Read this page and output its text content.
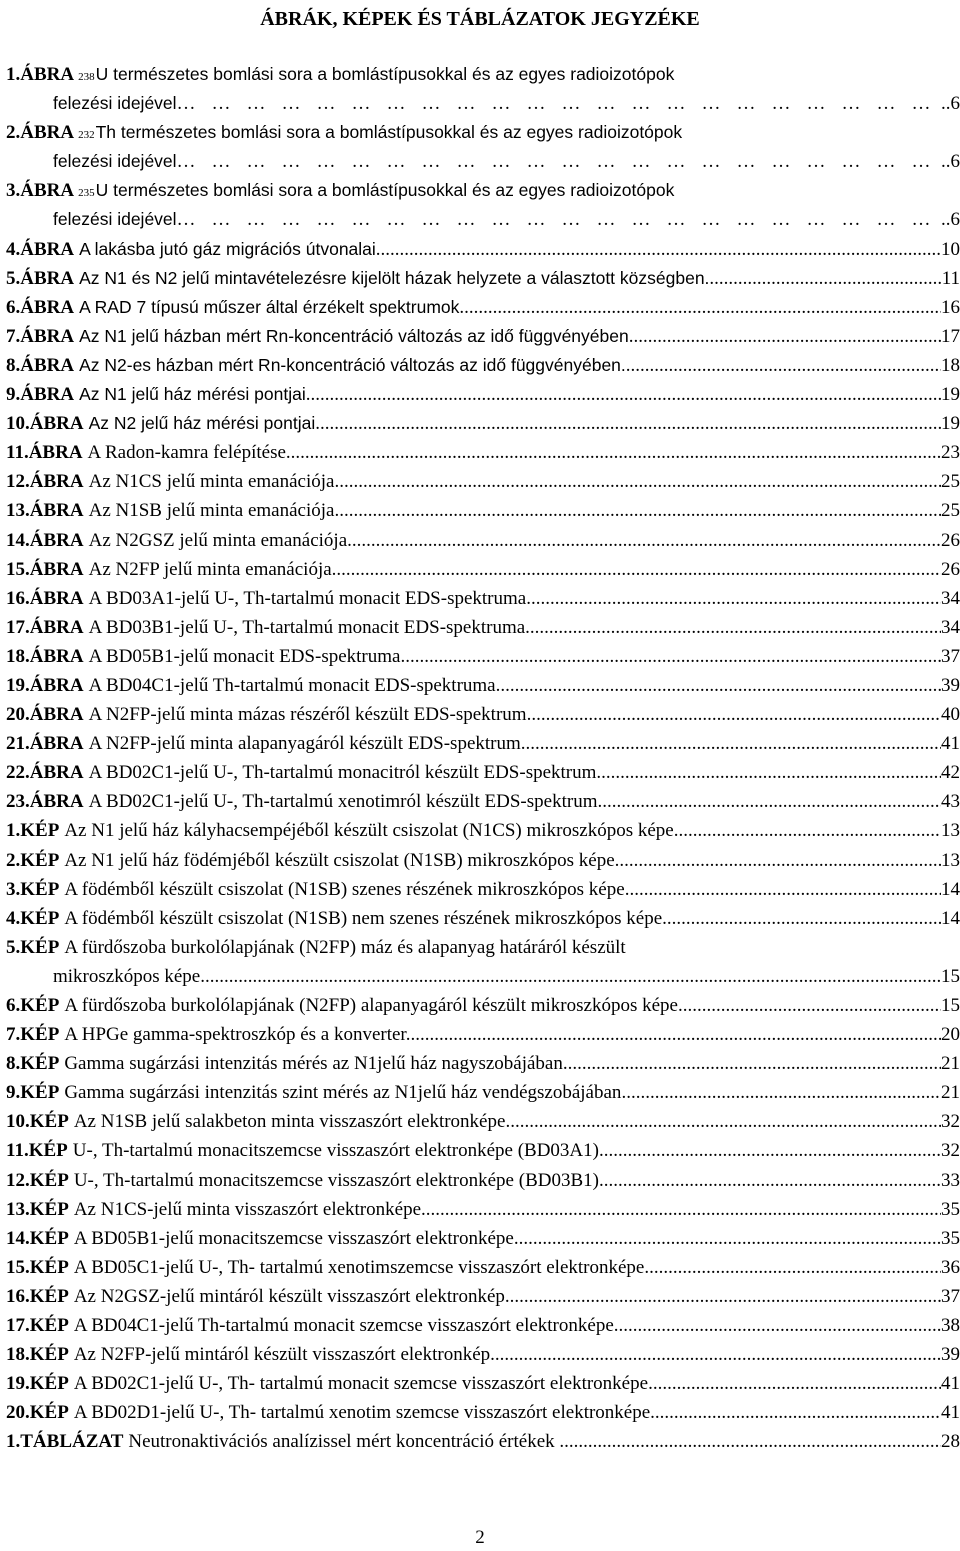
ÁBRÁK, KÉPEK ÉS TÁBLÁZATOK JEGYZÉKE
1.ÁBRA 238 U természetes bomlási sora a bomlástípusokkal és az egyes radioizotópok
felezési idejével ………………………………………………………………………………………………………………………………………………	..6
2.ÁBRA 232 Th természetes bomlási sora a bomlástípusokkal és az egyes radioizotópok
felezési idejével ………………………………………………………………………………………………………………………………………………	..6
3.ÁBRA 235 U természetes bomlási sora a bomlástípusokkal és az egyes radioizotópok
felezési idejével ………………………………………………………………………………………………………………………………………………	..6
4.ÁBRA A lakásba jutó gáz migrációs útvonalai .....	10
5.ÁBRA Az N1 és N2 jelű mintavételezésre kijelölt házak helyzete a választott községben. .....	11
6.ÁBRA A RAD 7 típusú műszer által érzékelt spektrumok .....	16
7.ÁBRA Az N1 jelű házban mért Rn-koncentráció változás az idő függvényében .....	17
8.ÁBRA Az N2-es házban mért Rn-koncentráció változás az idő függvényében. .....	18
9.ÁBRA Az N1 jelű ház mérési pontjai .....	19
10.ÁBRA Az N2 jelű ház mérési pontjai .....	19
11.ÁBRA A Radon-kamra felépítése .....	23
12.ÁBRA Az N1CS jelű minta emanációja .....	25
13.ÁBRA Az N1SB jelű minta emanációja .....	25
14.ÁBRA Az N2GSZ jelű minta emanációja .....	26
15.ÁBRA Az N2FP jelű minta emanációja .....	26
16.ÁBRA A BD03A1-jelű U-, Th-tartalmú monacit EDS-spektruma .....	34
17.ÁBRA A BD03B1-jelű U-, Th-tartalmú monacit EDS-spektruma .....	34
18.ÁBRA A BD05B1-jelű monacit EDS-spektruma .....	37
19.ÁBRA A BD04C1-jelű Th-tartalmú monacit EDS-spektruma .....	39
20.ÁBRA A N2FP-jelű minta mázas részéről készült EDS-spektrum .....	40
21.ÁBRA A N2FP-jelű minta alapanyagáról készült EDS-spektrum .....	41
22.ÁBRA A BD02C1-jelű U-, Th-tartalmú monacitról készült EDS-spektrum .....	42
23.ÁBRA A BD02C1-jelű U-, Th-tartalmú xenotimról készült EDS-spektrum .....	43
1.KÉP Az N1 jelű ház kályhacsempéjéből készült csiszolat (N1CS) mikroszkópos képe .....	13
2.KÉP Az N1 jelű ház födémjéből készült csiszolat (N1SB) mikroszkópos képe .....	13
3.KÉP A födémből készült csiszolat (N1SB) szenes részének mikroszkópos képe .....	14
4.KÉP A födémből készült csiszolat (N1SB) nem szenes részének mikroszkópos képe .....	14
5.KÉP A fürdőszoba burkolólapjának (N2FP) máz és alapanyag határáról készült
mikroszkópos képe .....	15
6.KÉP A fürdőszoba burkolólapjának (N2FP) alapanyagáról készült mikroszkópos képe .....	15
7.KÉP A HPGe gamma-spektroszkóp és a konverter. .....	20
8.KÉP Gamma sugárzási intenzitás mérés az N1jelű ház nagyszobájában .....	21
9.KÉP Gamma sugárzási intenzitás szint mérés az N1jelű ház vendégszobájában .....	21
10.KÉP Az N1SB jelű salakbeton minta visszaszórt elektronképe .....	32
11.KÉP U-, Th-tartalmú monacitszemcse visszaszórt elektronképe (BD03A1) .....	32
12.KÉP U-, Th-tartalmú monacitszemcse visszaszórt elektronképe (BD03B1) .....	33
13.KÉP Az N1CS-jelű minta visszaszórt elektronképe .....	35
14.KÉP A BD05B1-jelű monacitszemcse visszaszórt elektronképe .....	35
15.KÉP A BD05C1-jelű U-, Th- tartalmú xenotimszemcse visszaszórt elektronképe .....	36
16.KÉP Az N2GSZ-jelű mintáról készült visszaszórt elektronkép .....	37
17.KÉP A BD04C1-jelű Th-tartalmú monacit szemcse visszaszórt elektronképe .....	38
18.KÉP Az N2FP-jelű mintáról készült visszaszórt elektronkép .....	39
19.KÉP A BD02C1-jelű U-, Th- tartalmú monacit szemcse visszaszórt elektronképe .....	41
20.KÉP A BD02D1-jelű U-, Th- tartalmú xenotim szemcse visszaszórt elektronképe .....	41
1.TÁBLÁZAT Neutronaktivációs analízissel mért koncentráció értékek . .....	28
2
